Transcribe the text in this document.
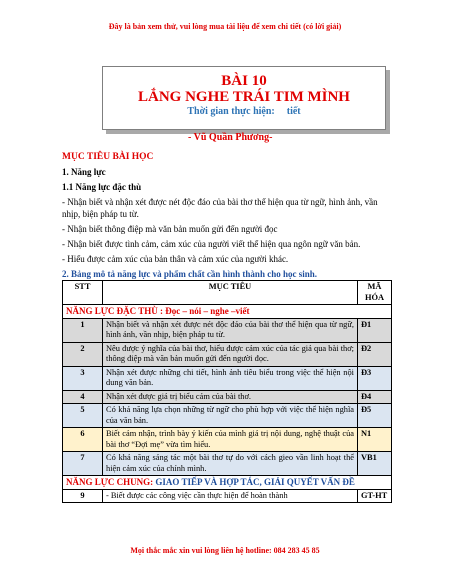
Đây là bản xem thử, vui lòng mua tài liệu để xem chi tiết (có lời giải)
BÀI 10
LẮNG NGHE TRÁI TIM MÌNH
Thời gian thực hiện: tiết
- Vũ Quần Phương-
MỤC TIÊU BÀI HỌC
1. Năng lực
1.1 Năng lực đặc thù
- Nhận biết và nhận xét được nét độc đáo của bài thơ thể hiện qua từ ngữ, hình ảnh, vần nhịp, biện pháp tu từ.
- Nhận biết thông điệp mà văn bản muốn gửi đến người đọc
- Nhận biết được tình cảm, cảm xúc của người viết thể hiện qua ngôn ngữ văn bản.
- Hiểu được cảm xúc của bản thân và cảm xúc của người khác.
2. Bảng mô tả năng lực và phẩm chất cần hình thành cho học sinh.
STT	MỤC TIÊU	MÃ HÓA
NĂNG LỰC ĐẶC THÙ : Đọc – nói – nghe –viết		
1	Nhận biết và nhận xét được nét độc đáo của bài thơ thể hiện qua từ ngữ, hình ảnh, vần nhịp, biện pháp tu từ.	Đ1
2	Nêu được ý nghĩa của bài thơ, hiểu được cảm xúc của tác giả qua bài thơ; thông điệp mà văn bản muốn gửi đến người đọc.	Đ2
3	Nhận xét được những chi tiết, hình ảnh tiêu biểu trong việc thể hiện nội dung văn bản.	Đ3
4	Nhận xét được giá trị biểu cảm của bài thơ.	Đ4
5	Có khả năng lựa chọn những từ ngữ cho phù hợp với việc thể hiện nghĩa của văn bản.	Đ5
6	Biết cảm nhận, trình bày ý kiến của mình giá trị nội dung, nghệ thuật của bài thơ “Đợi mẹ” vừa tìm hiểu.	N1
7	Có khả năng sáng tác một bài thơ tự do với cách gieo vần linh hoạt thể hiện cảm xúc của chính mình.	VB1
NĂNG LỰC CHUNG: GIAO TIẾP VÀ HỢP TÁC, GIẢI QUYẾT VẤN ĐỀ		
9	- Biết được các công việc cần thực hiện để hoàn thành	GT-HT
Mọi thắc mắc xin vui lòng liên hệ hotline: 084 283 45 85
